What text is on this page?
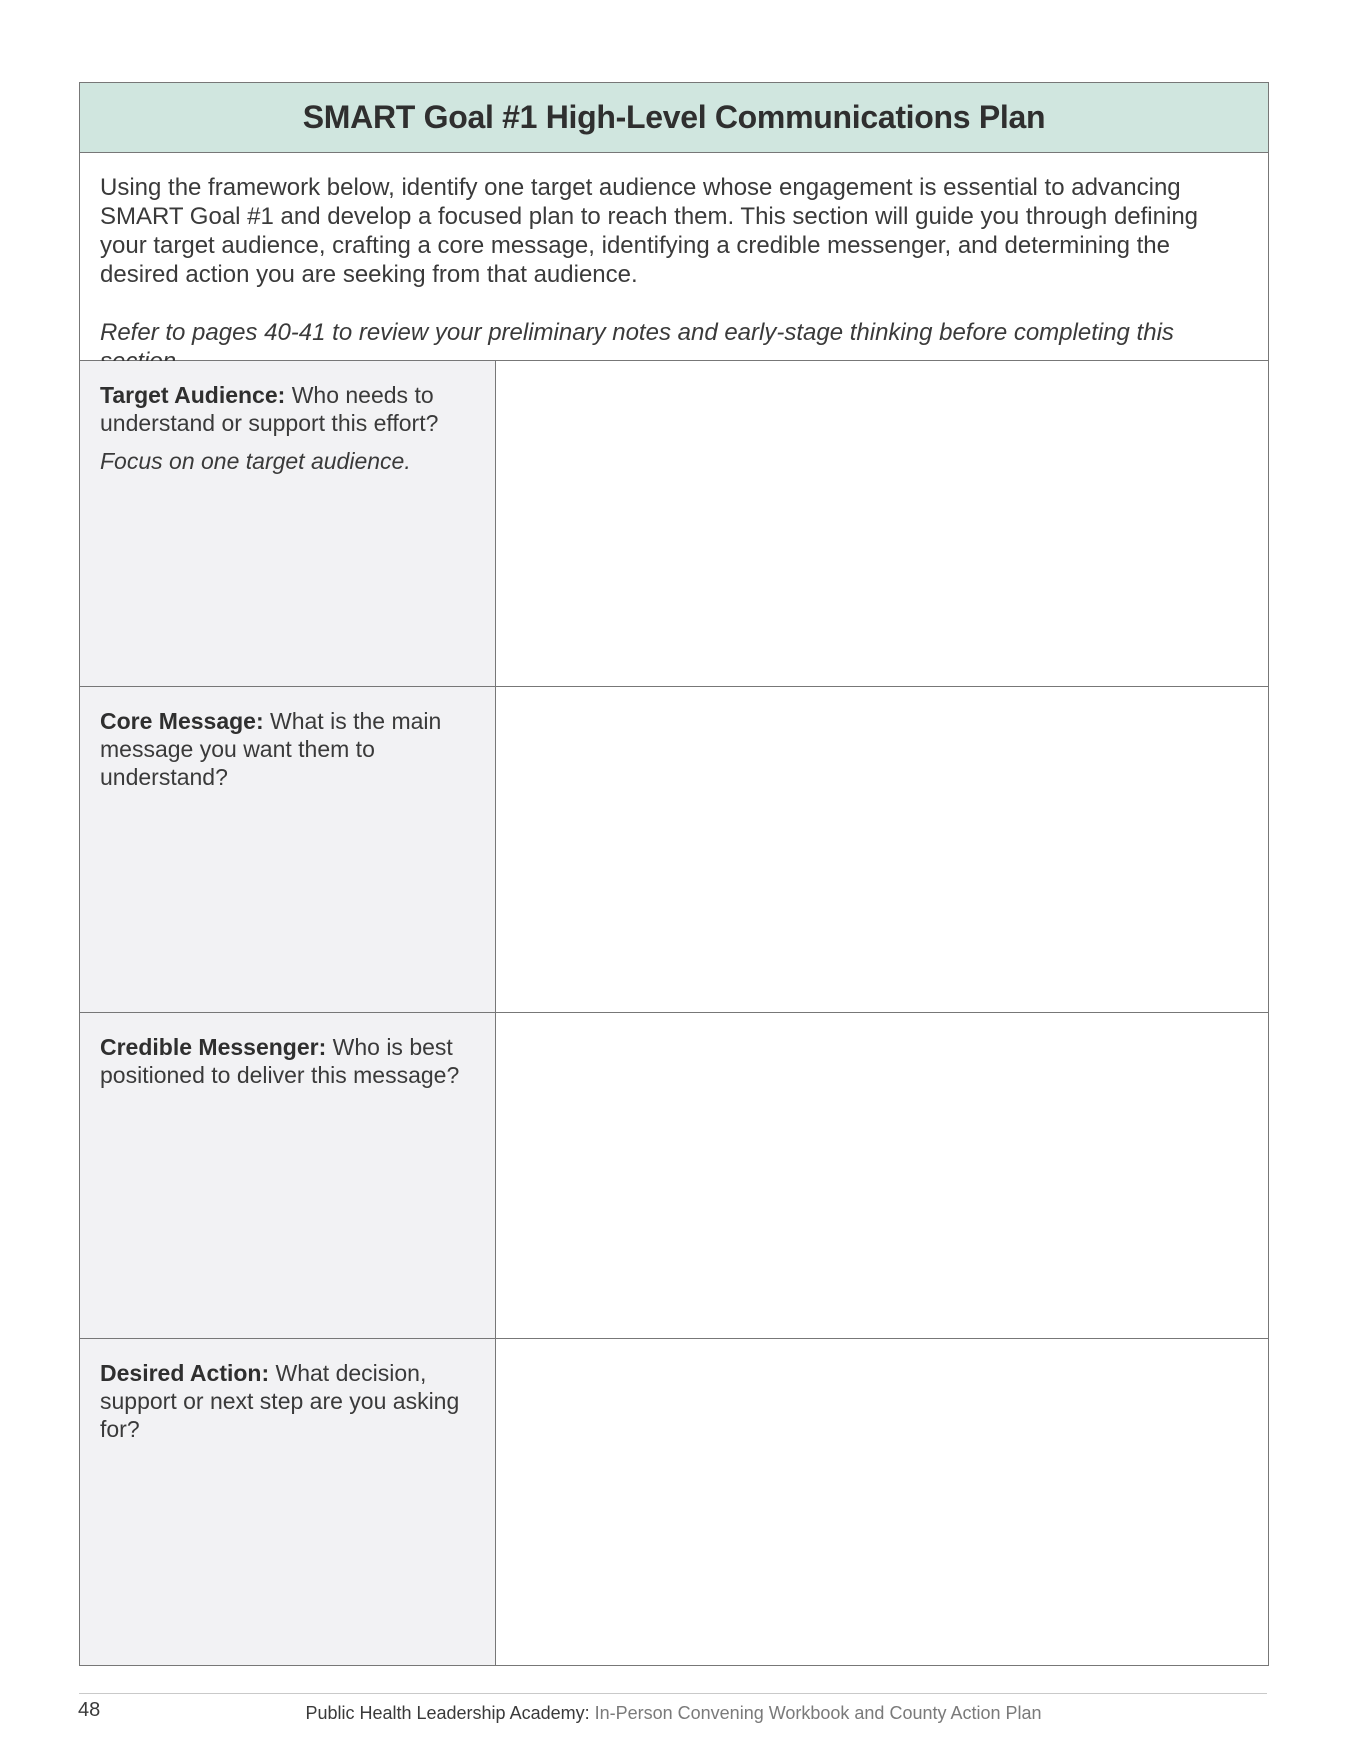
SMART Goal #1 High-Level Communications Plan

Using the framework below, identify one target audience whose engagement is essential to advancing SMART Goal #1 and develop a focused plan to reach them. This section will guide you through defining your target audience, crafting a core message, identifying a credible messenger, and determining the desired action you are seeking from that audience.

Refer to pages 40-41 to review your preliminary notes and early-stage thinking before completing this

Target Audience: Who needs to understand or support this effort?
Focus on one target audience.
Core Message: What is the main message you want them to understand?
Credible Messenger: Who is best positioned to deliver this message?
Desired Action: What decision, support or next step are you asking for?
48	Public Health Leadership Academy: In-Person Convening Workbook and County Action Plan
